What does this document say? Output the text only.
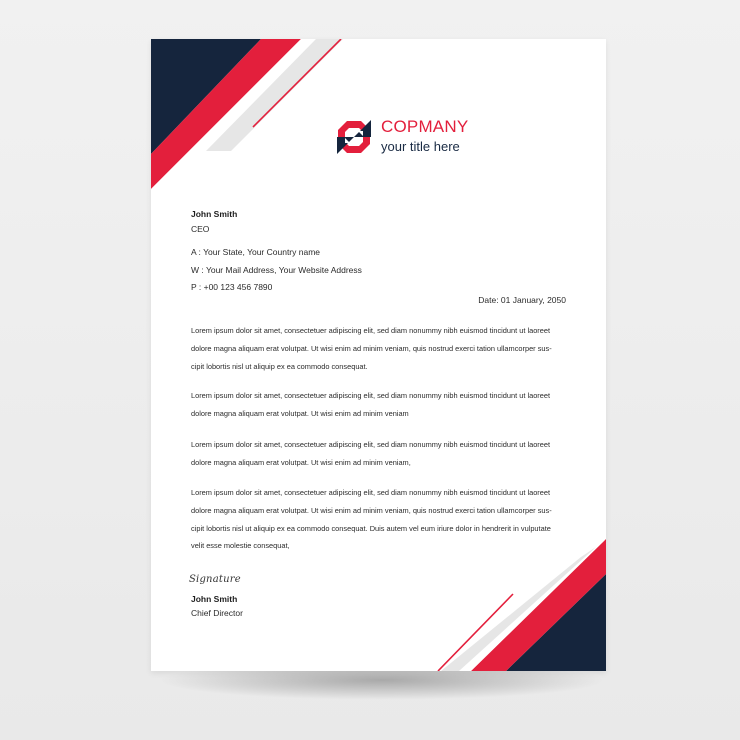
COPMANY
your title here
John Smith
CEO
A : Your State, Your Country name
W : Your Mail Address, Your Website Address
P : +00 123 456 7890
Date: 01 January, 2050
Lorem ipsum dolor sit amet, consectetuer adipiscing elit, sed diam nonummy nibh euismod tincidunt ut laoreet
dolore magna aliquam erat volutpat. Ut wisi enim ad minim veniam, quis nostrud exerci tation ullamcorper sus-
cipit lobortis nisl ut aliquip ex ea commodo consequat.
Lorem ipsum dolor sit amet, consectetuer adipiscing elit, sed diam nonummy nibh euismod tincidunt ut laoreet
dolore magna aliquam erat volutpat. Ut wisi enim ad minim veniam
Lorem ipsum dolor sit amet, consectetuer adipiscing elit, sed diam nonummy nibh euismod tincidunt ut laoreet
dolore magna aliquam erat volutpat. Ut wisi enim ad minim veniam,
Lorem ipsum dolor sit amet, consectetuer adipiscing elit, sed diam nonummy nibh euismod tincidunt ut laoreet
dolore magna aliquam erat volutpat. Ut wisi enim ad minim veniam, quis nostrud exerci tation ullamcorper sus-
cipit lobortis nisl ut aliquip ex ea commodo consequat. Duis autem vel eum iriure dolor in hendrerit in vulputate
velit esse molestie consequat,
Signature
John Smith
Chief Director
